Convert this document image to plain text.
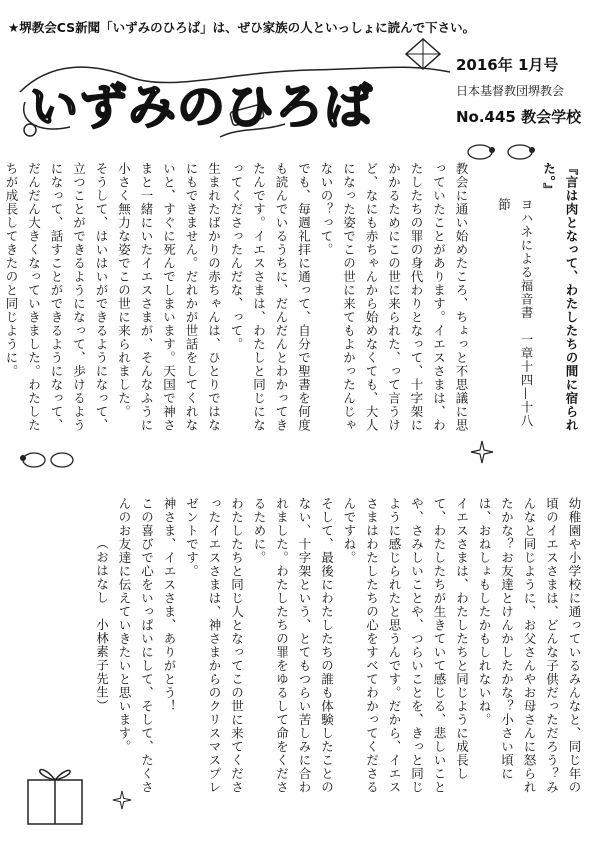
★堺教会CS新聞「いずみのひろば」は、ぜひ家族の人といっしょに読んで下さい。
いずみのひろば
2016年 1月号
日本基督教団堺教会
No.445 教会学校

『言は肉となって、わたしたちの間に宿られた。』

ヨハネによる福音書　一章十四—十八節

教会に通い始めたころ、ちょっと不思議に思っていたことがあります。イエスさまは、わたしたちの罪の身代わりとなって、十字架にかかるためにこの世に来られた、って言うけど、なにも赤ちゃんから始めなくても、大人になった姿でこの世に来てもよかったんじゃないの？って。

でも、毎週礼拝に通って、自分で聖書を何度も読んでいるうちに、だんだんとわかってきたんです。イエスさまは、わたしと同じになってくださったんだな、って。

生まれたばかりの赤ちゃんは、ひとりではなにもできません。だれかが世話をしてくれないと、すぐに死んでしまいます。天国で神さまと一緒にいたイエスさまが、そんなふうに小さく無力な姿でこの世に来られました。

そうして、はいはいができるようになって、立つことができるようになって、歩けるようになって、話すことができるようになって、だんだん大きくなっていきました。わたしたちが成長してきたのと同じように。

幼稚園や小学校に通っているみんなと、同じ年の頃のイエスさまは、どんな子供だっただろう？みんなと同じように、お父さんやお母さんに怒られたかな？お友達とけんかしたかな？小さい頃には、おねしょもしたかもしれないね。

イエスさまは、わたしたちと同じように成長して、わたしたちが生きていて感じる、悲しいことや、さみしいことや、つらいことを、きっと同じように感じられたと思うんです。だから、イエスさまはわたしたちの心をすべてわかってくださるんですね。

そして、最後にわたしたちの誰も体験したことのない、十字架という、とてもつらい苦しみに合われました。わたしたちの罪をゆるして命をくださるために。

わたしたちと同じ人となってこの世に来てくださったイエスさまは、神さまからのクリスマスプレゼントです。

神さま、イエスさま、ありがとう！

この喜びで心をいっぱいにして、そして、たくさんのお友達に伝えていきたいと思います。

（おはなし　小林素子先生）
